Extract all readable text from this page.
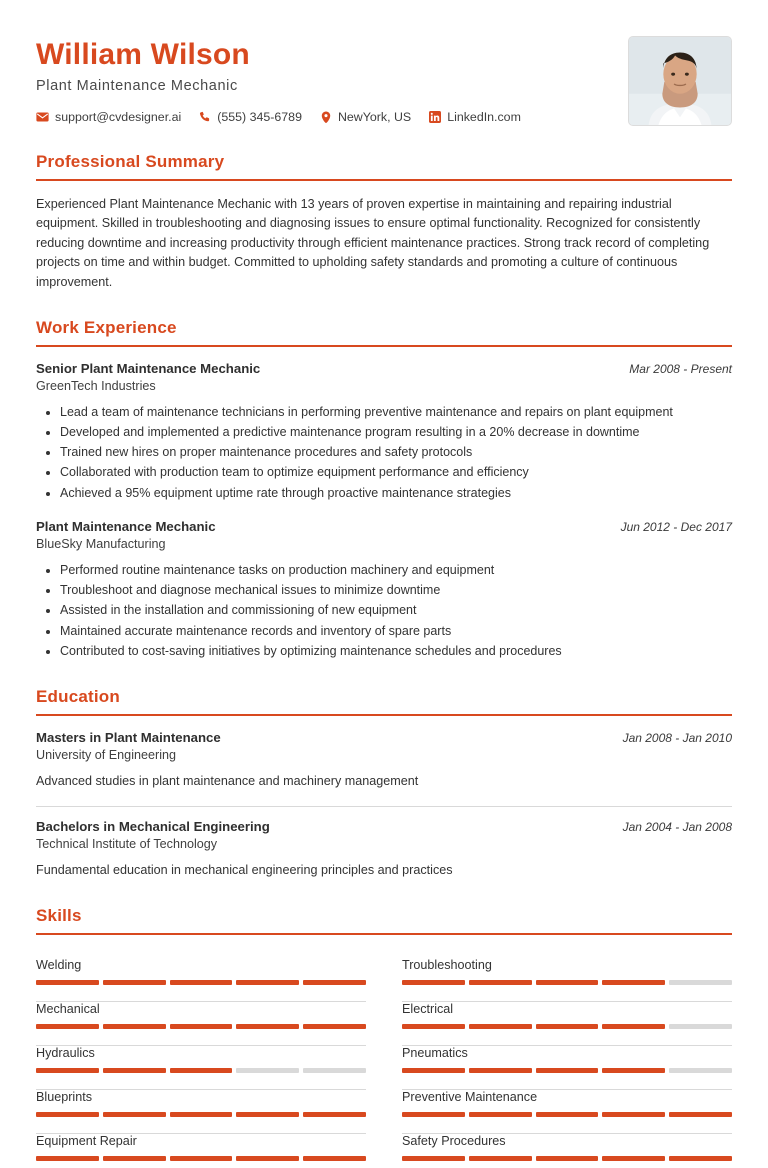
William Wilson
Plant Maintenance Mechanic
support@cvdesigner.ai	(555) 345-6789	NewYork, US	LinkedIn.com
Professional Summary

Experienced Plant Maintenance Mechanic with 13 years of proven expertise in maintaining and repairing industrial equipment. Skilled in troubleshooting and diagnosing issues to ensure optimal functionality. Recognized for consistently reducing downtime and increasing productivity through efficient maintenance practices. Strong track record of completing projects on time and within budget. Committed to upholding safety standards and promoting a culture of continuous improvement.

Work Experience
Senior Plant Maintenance Mechanic	Mar 2008 - Present
GreenTech Industries
• Lead a team of maintenance technicians in performing preventive maintenance and repairs on plant equipment
• Developed and implemented a predictive maintenance program resulting in a 20% decrease in downtime
• Trained new hires on proper maintenance procedures and safety protocols
• Collaborated with production team to optimize equipment performance and efficiency
• Achieved a 95% equipment uptime rate through proactive maintenance strategies
Plant Maintenance Mechanic	Jun 2012 - Dec 2017
BlueSky Manufacturing
• Performed routine maintenance tasks on production machinery and equipment
• Troubleshoot and diagnose mechanical issues to minimize downtime
• Assisted in the installation and commissioning of new equipment
• Maintained accurate maintenance records and inventory of spare parts
• Contributed to cost-saving initiatives by optimizing maintenance schedules and procedures
Education
Masters in Plant Maintenance	Jan 2008 - Jan 2010
University of Engineering
Advanced studies in plant maintenance and machinery management
Bachelors in Mechanical Engineering	Jan 2004 - Jan 2008
Technical Institute of Technology
Fundamental education in mechanical engineering principles and practices
Skills
Welding	Troubleshooting
Mechanical	Electrical
Hydraulics	Pneumatics
Blueprints	Preventive Maintenance
Equipment Repair	Safety Procedures
